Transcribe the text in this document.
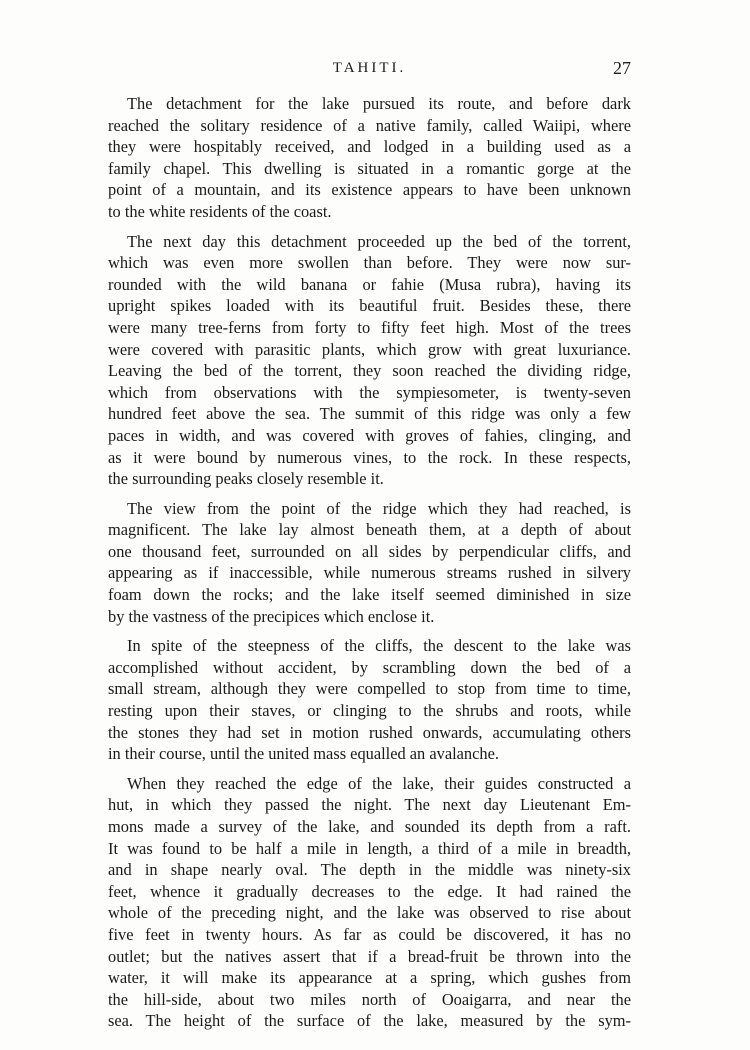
TAHITI.	27
The detachment for the lake pursued its route, and before dark
reached the solitary residence of a native family, called Waiipi, where
they were hospitably received, and lodged in a building used as a
family chapel. This dwelling is situated in a romantic gorge at the
point of a mountain, and its existence appears to have been unknown
to the white residents of the coast.
The next day this detachment proceeded up the bed of the torrent,
which was even more swollen than before. They were now sur-
rounded with the wild banana or fahie (Musa rubra), having its
upright spikes loaded with its beautiful fruit. Besides these, there
were many tree-ferns from forty to fifty feet high. Most of the trees
were covered with parasitic plants, which grow with great luxuriance.
Leaving the bed of the torrent, they soon reached the dividing ridge,
which from observations with the sympiesometer, is twenty-seven
hundred feet above the sea. The summit of this ridge was only a few
paces in width, and was covered with groves of fahies, clinging, and
as it were bound by numerous vines, to the rock. In these respects,
the surrounding peaks closely resemble it.
The view from the point of the ridge which they had reached, is
magnificent. The lake lay almost beneath them, at a depth of about
one thousand feet, surrounded on all sides by perpendicular cliffs, and
appearing as if inaccessible, while numerous streams rushed in silvery
foam down the rocks; and the lake itself seemed diminished in size
by the vastness of the precipices which enclose it.
In spite of the steepness of the cliffs, the descent to the lake was
accomplished without accident, by scrambling down the bed of a
small stream, although they were compelled to stop from time to time,
resting upon their staves, or clinging to the shrubs and roots, while
the stones they had set in motion rushed onwards, accumulating others
in their course, until the united mass equalled an avalanche.
When they reached the edge of the lake, their guides constructed a
hut, in which they passed the night. The next day Lieutenant Em-
mons made a survey of the lake, and sounded its depth from a raft.
It was found to be half a mile in length, a third of a mile in breadth,
and in shape nearly oval. The depth in the middle was ninety-six
feet, whence it gradually decreases to the edge. It had rained the
whole of the preceding night, and the lake was observed to rise about
five feet in twenty hours. As far as could be discovered, it has no
outlet; but the natives assert that if a bread-fruit be thrown into the
water, it will make its appearance at a spring, which gushes from
the hill-side, about two miles north of Ooaigarra, and near the
sea. The height of the surface of the lake, measured by the sym-
